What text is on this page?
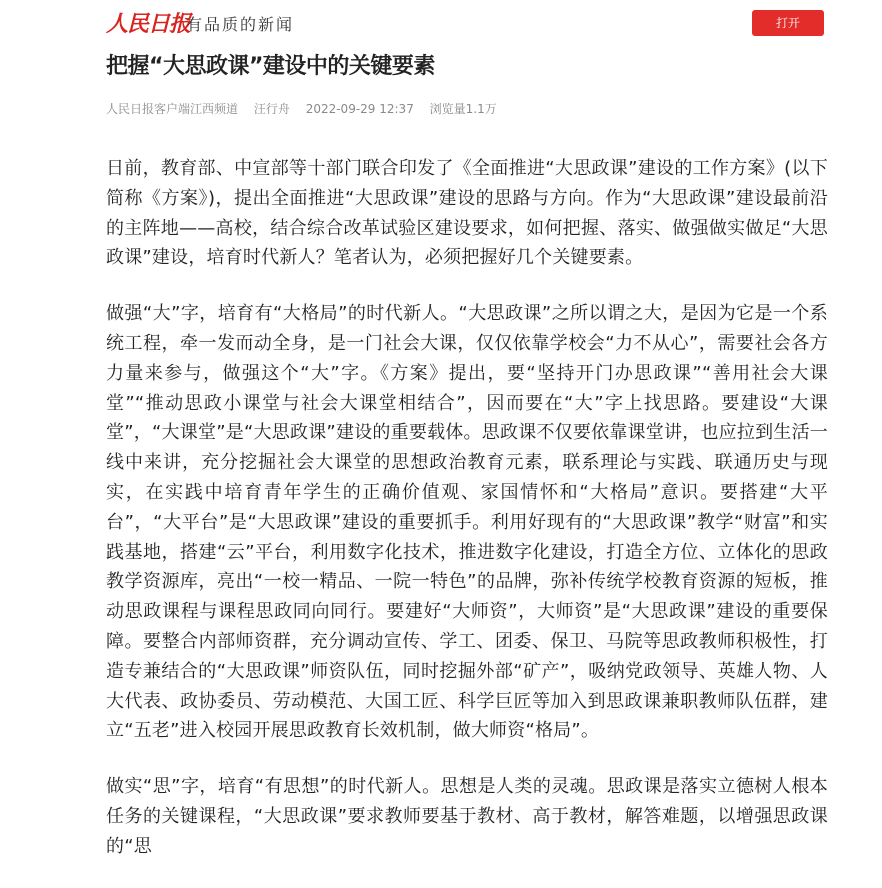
人民日报
有品质的新闻	打开
把握“大思政课”建设中的关键要素
人民日报客户端江西频道 汪行舟 2022-09-29 12:37 浏览量1.1万

日前，教育部、中宣部等十部门联合印发了《全面推进“大思政课”建设的工作方案》(以下简称《方案》)，提出全面推进“大思政课”建设的思路与方向。作为“大思政课”建设最前沿的主阵地——高校，结合综合改革试验区建设要求，如何把握、落实、做强做实做足“大思政课”建设，培育时代新人？笔者认为，必须把握好几个关键要素。

做强“大”字，培育有“大格局”的时代新人。“大思政课”之所以谓之大，是因为它是一个系统工程，牵一发而动全身，是一门社会大课，仅仅依靠学校会“力不从心”，需要社会各方力量来参与，做强这个“大”字。《方案》提出，要“坚持开门办思政课”“善用社会大课堂”“推动思政小课堂与社会大课堂相结合”，因而要在“大”字上找思路。要建设“大课堂”，“大课堂”是“大思政课”建设的重要载体。思政课不仅要依靠课堂讲，也应拉到生活一线中来讲，充分挖掘社会大课堂的思想政治教育元素，联系理论与实践、联通历史与现实，在实践中培育青年学生的正确价值观、家国情怀和“大格局”意识。要搭建“大平台”，“大平台”是“大思政课”建设的重要抓手。利用好现有的“大思政课”教学“财富”和实践基地，搭建“云”平台，利用数字化技术，推进数字化建设，打造全方位、立体化的思政教学资源库，亮出“一校一精品、一院一特色”的品牌，弥补传统学校教育资源的短板，推动思政课程与课程思政同向同行。要建好“大师资”，大师资”是“大思政课”建设的重要保障。要整合内部师资群，充分调动宣传、学工、团委、保卫、马院等思政教师积极性，打造专兼结合的“大思政课”师资队伍，同时挖掘外部“矿产”，吸纳党政领导、英雄人物、人大代表、政协委员、劳动模范、大国工匠、科学巨匠等加入到思政课兼职教师队伍群，建立“五老”进入校园开展思政教育长效机制，做大师资“格局”。

做实“思”字，培育“有思想”的时代新人。思想是人类的灵魂。思政课是落实立德树人根本任务的关键课程，“大思政课”要求教师要基于教材、高于教材，解答难题，以增强思政课的“思
